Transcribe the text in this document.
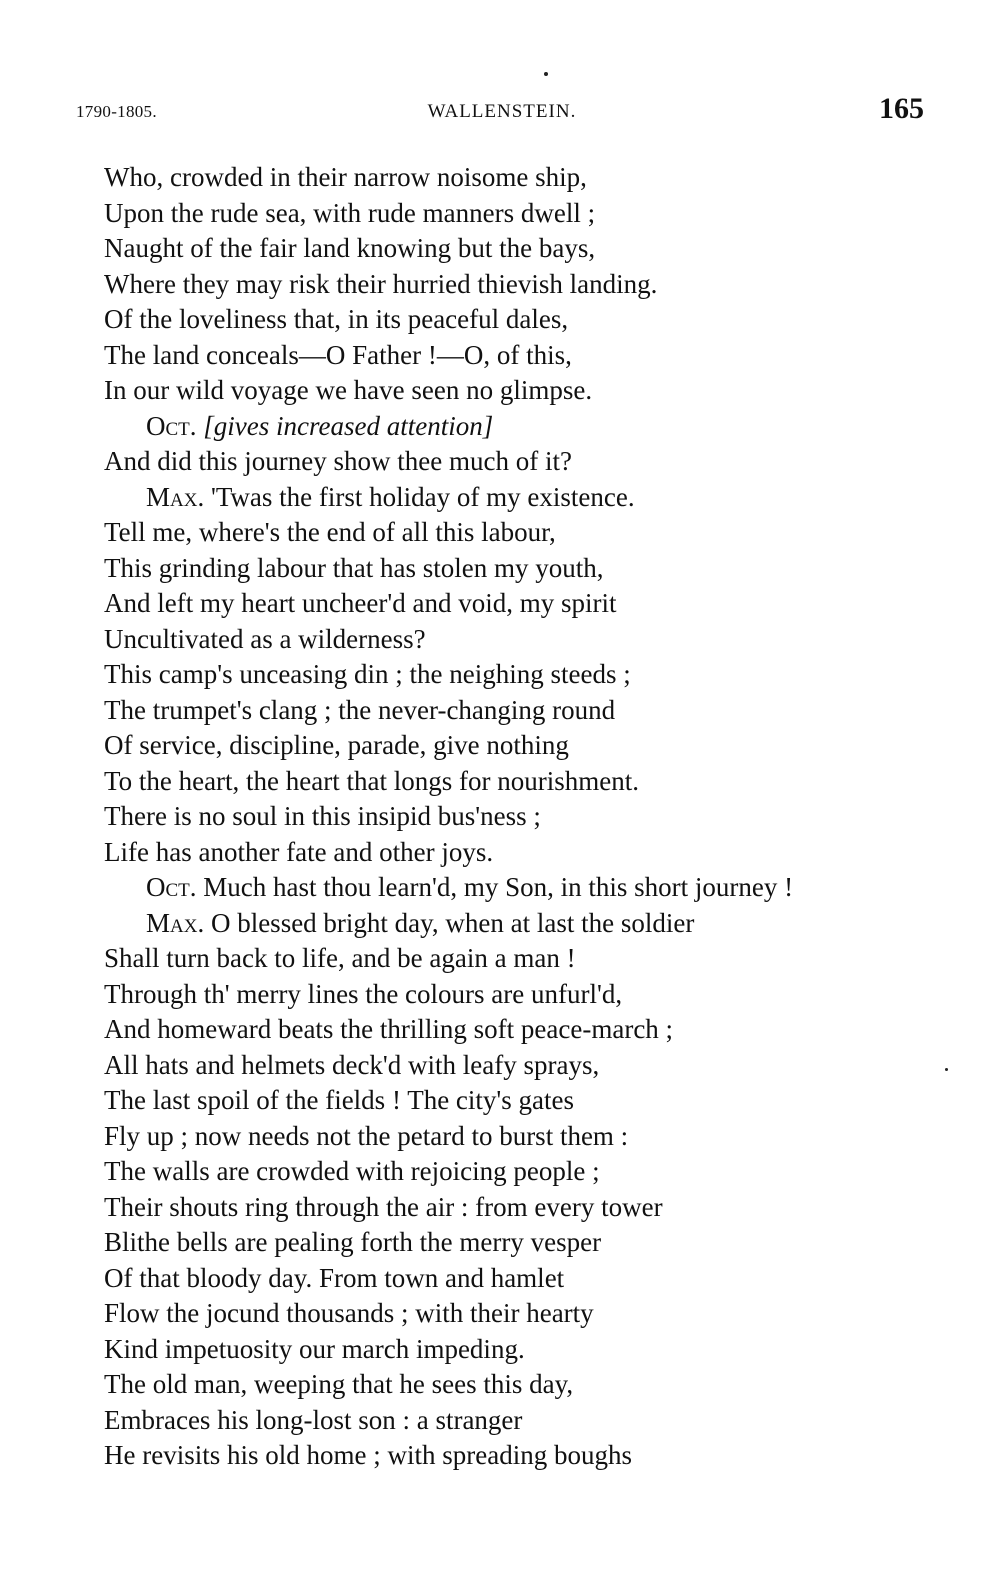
1790-1805.	WALLENSTEIN.	165
Who, crowded in their narrow noisome ship,
Upon the rude sea, with rude manners dwell ;
Naught of the fair land knowing but the bays,
Where they may risk their hurried thievish landing.
Of the loveliness that, in its peaceful dales,
The land conceals—O Father !—O, of this,
In our wild voyage we have seen no glimpse.
Oct. [gives increased attention]
And did this journey show thee much of it?
Max. 'Twas the first holiday of my existence.
Tell me, where's the end of all this labour,
This grinding labour that has stolen my youth,
And left my heart uncheer'd and void, my spirit
Uncultivated as a wilderness?
This camp's unceasing din ; the neighing steeds ;
The trumpet's clang ; the never-changing round
Of service, discipline, parade, give nothing
To the heart, the heart that longs for nourishment.
There is no soul in this insipid bus'ness ;
Life has another fate and other joys.
Oct. Much hast thou learn'd, my Son, in this short journey !
Max. O blessed bright day, when at last the soldier
Shall turn back to life, and be again a man !
Through th' merry lines the colours are unfurl'd,
And homeward beats the thrilling soft peace-march ;
All hats and helmets deck'd with leafy sprays,
The last spoil of the fields ! The city's gates
Fly up ; now needs not the petard to burst them :
The walls are crowded with rejoicing people ;
Their shouts ring through the air : from every tower
Blithe bells are pealing forth the merry vesper
Of that bloody day. From town and hamlet
Flow the jocund thousands ; with their hearty
Kind impetuosity our march impeding.
The old man, weeping that he sees this day,
Embraces his long-lost son : a stranger
He revisits his old home ; with spreading boughs
